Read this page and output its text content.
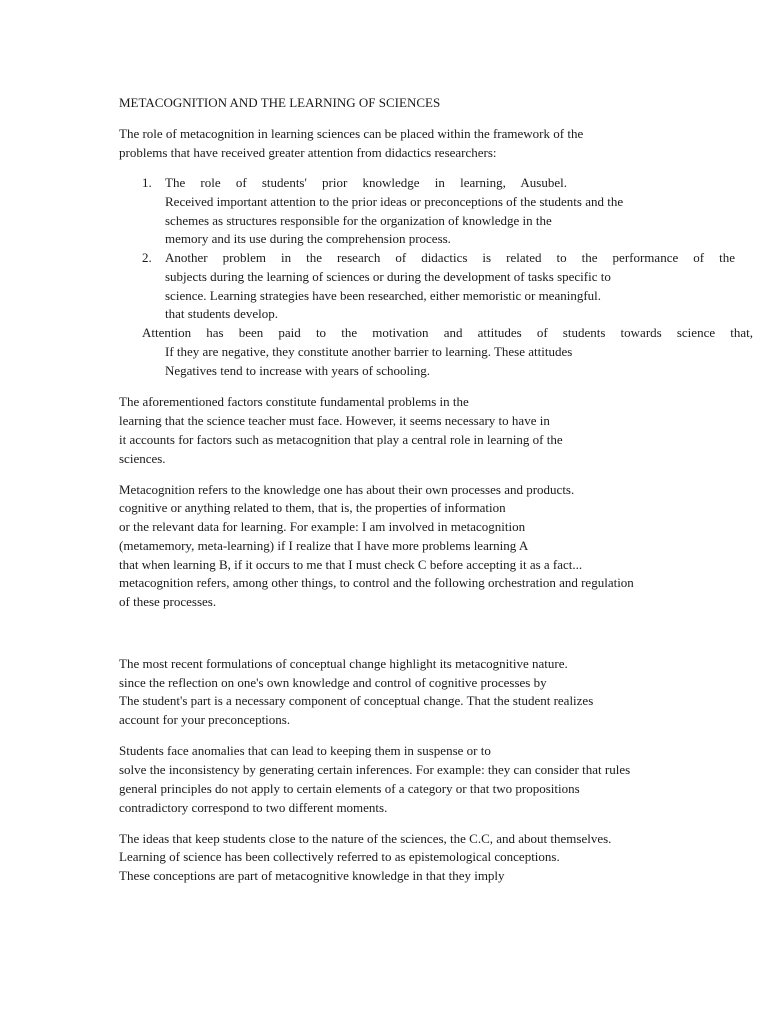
METACOGNITION AND THE LEARNING OF SCIENCES

The role of metacognition in learning sciences can be placed within the framework of the

problems that have received greater attention from didactics researchers:

1. The role of students' prior knowledge in learning, Ausubel.

Received important attention to the prior ideas or preconceptions of the students and the

schemes as structures responsible for the organization of knowledge in the

memory and its use during the comprehension process.

2. Another problem in the research of didactics is related to the performance of the

subjects during the learning of sciences or during the development of tasks specific to

science. Learning strategies have been researched, either memoristic or meaningful.

that students develop.

Attention has been paid to the motivation and attitudes of students towards science that,

If they are negative, they constitute another barrier to learning. These attitudes

Negatives tend to increase with years of schooling.

The aforementioned factors constitute fundamental problems in the

learning that the science teacher must face. However, it seems necessary to have in

it accounts for factors such as metacognition that play a central role in learning of the

sciences.

Metacognition refers to the knowledge one has about their own processes and products.

cognitive or anything related to them, that is, the properties of information

or the relevant data for learning. For example: I am involved in metacognition

(metamemory, meta-learning) if I realize that I have more problems learning A

that when learning B, if it occurs to me that I must check C before accepting it as a fact...

metacognition refers, among other things, to control and the following orchestration and regulation

of these processes.

The most recent formulations of conceptual change highlight its metacognitive nature.

since the reflection on one's own knowledge and control of cognitive processes by

The student's part is a necessary component of conceptual change. That the student realizes

account for your preconceptions.

Students face anomalies that can lead to keeping them in suspense or to

solve the inconsistency by generating certain inferences. For example: they can consider that rules

general principles do not apply to certain elements of a category or that two propositions

contradictory correspond to two different moments.

The ideas that keep students close to the nature of the sciences, the C.C, and about themselves.

Learning of science has been collectively referred to as epistemological conceptions.

These conceptions are part of metacognitive knowledge in that they imply
